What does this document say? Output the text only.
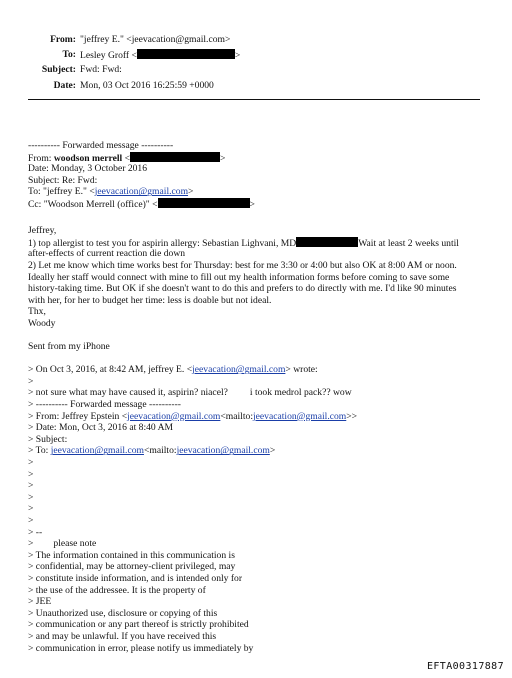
From: "jeffrey E." <jeevacation@gmail.com>
To: Lesley Groff <	>
Subject: Fwd: Fwd:
Date: Mon, 03 Oct 2016 16:25:59 +0000
---------- Forwarded message ----------
From: woodson merrell <	>
Date: Monday, 3 October 2016
Subject: Re: Fwd:
To: "jeffrey E." <jeevacation@gmail.com>
Cc: "Woodson Merrell (office)" <	>
Jeffrey,
1) top allergist to test you for aspirin allergy: Sebastian Lighvani, MD	Wait at least 2 weeks until
after-effects of current reaction die down
2) Let me know which time works best for Thursday: best for me 3:30 or 4:00 but also OK at 8:00 AM or noon.
Ideally her staff would connect with mine to fill out my health information forms before coming to save some
history-taking time. But OK if she doesn't want to do this and prefers to do directly with me. I'd like 90 minutes
with her, for her to budget her time: less is doable but not ideal.
Thx,
Woody
Sent from my iPhone
> On Oct 3, 2016, at 8:42 AM, jeffrey E. <jeevacation@gmail.com> wrote:
>
> not sure what may have caused it, aspirin? niacel? i took medrol pack?? wow
> ---------- Forwarded message ----------
> From: Jeffrey Epstein <jeevacation@gmail.com<mailto:jeevacation@gmail.com>>
> Date: Mon, Oct 3, 2016 at 8:40 AM
> Subject:
> To: jeevacation@gmail.com<mailto:jeevacation@gmail.com>
>
>
>
>
>
>
> --
> please note
> The information contained in this communication is
> confidential, may be attorney-client privileged, may
> constitute inside information, and is intended only for
> the use of the addressee. It is the property of
> JEE
> Unauthorized use, disclosure or copying of this
> communication or any part thereof is strictly prohibited
> and may be unlawful. If you have received this
> communication in error, please notify us immediately by
EFTA00317887
